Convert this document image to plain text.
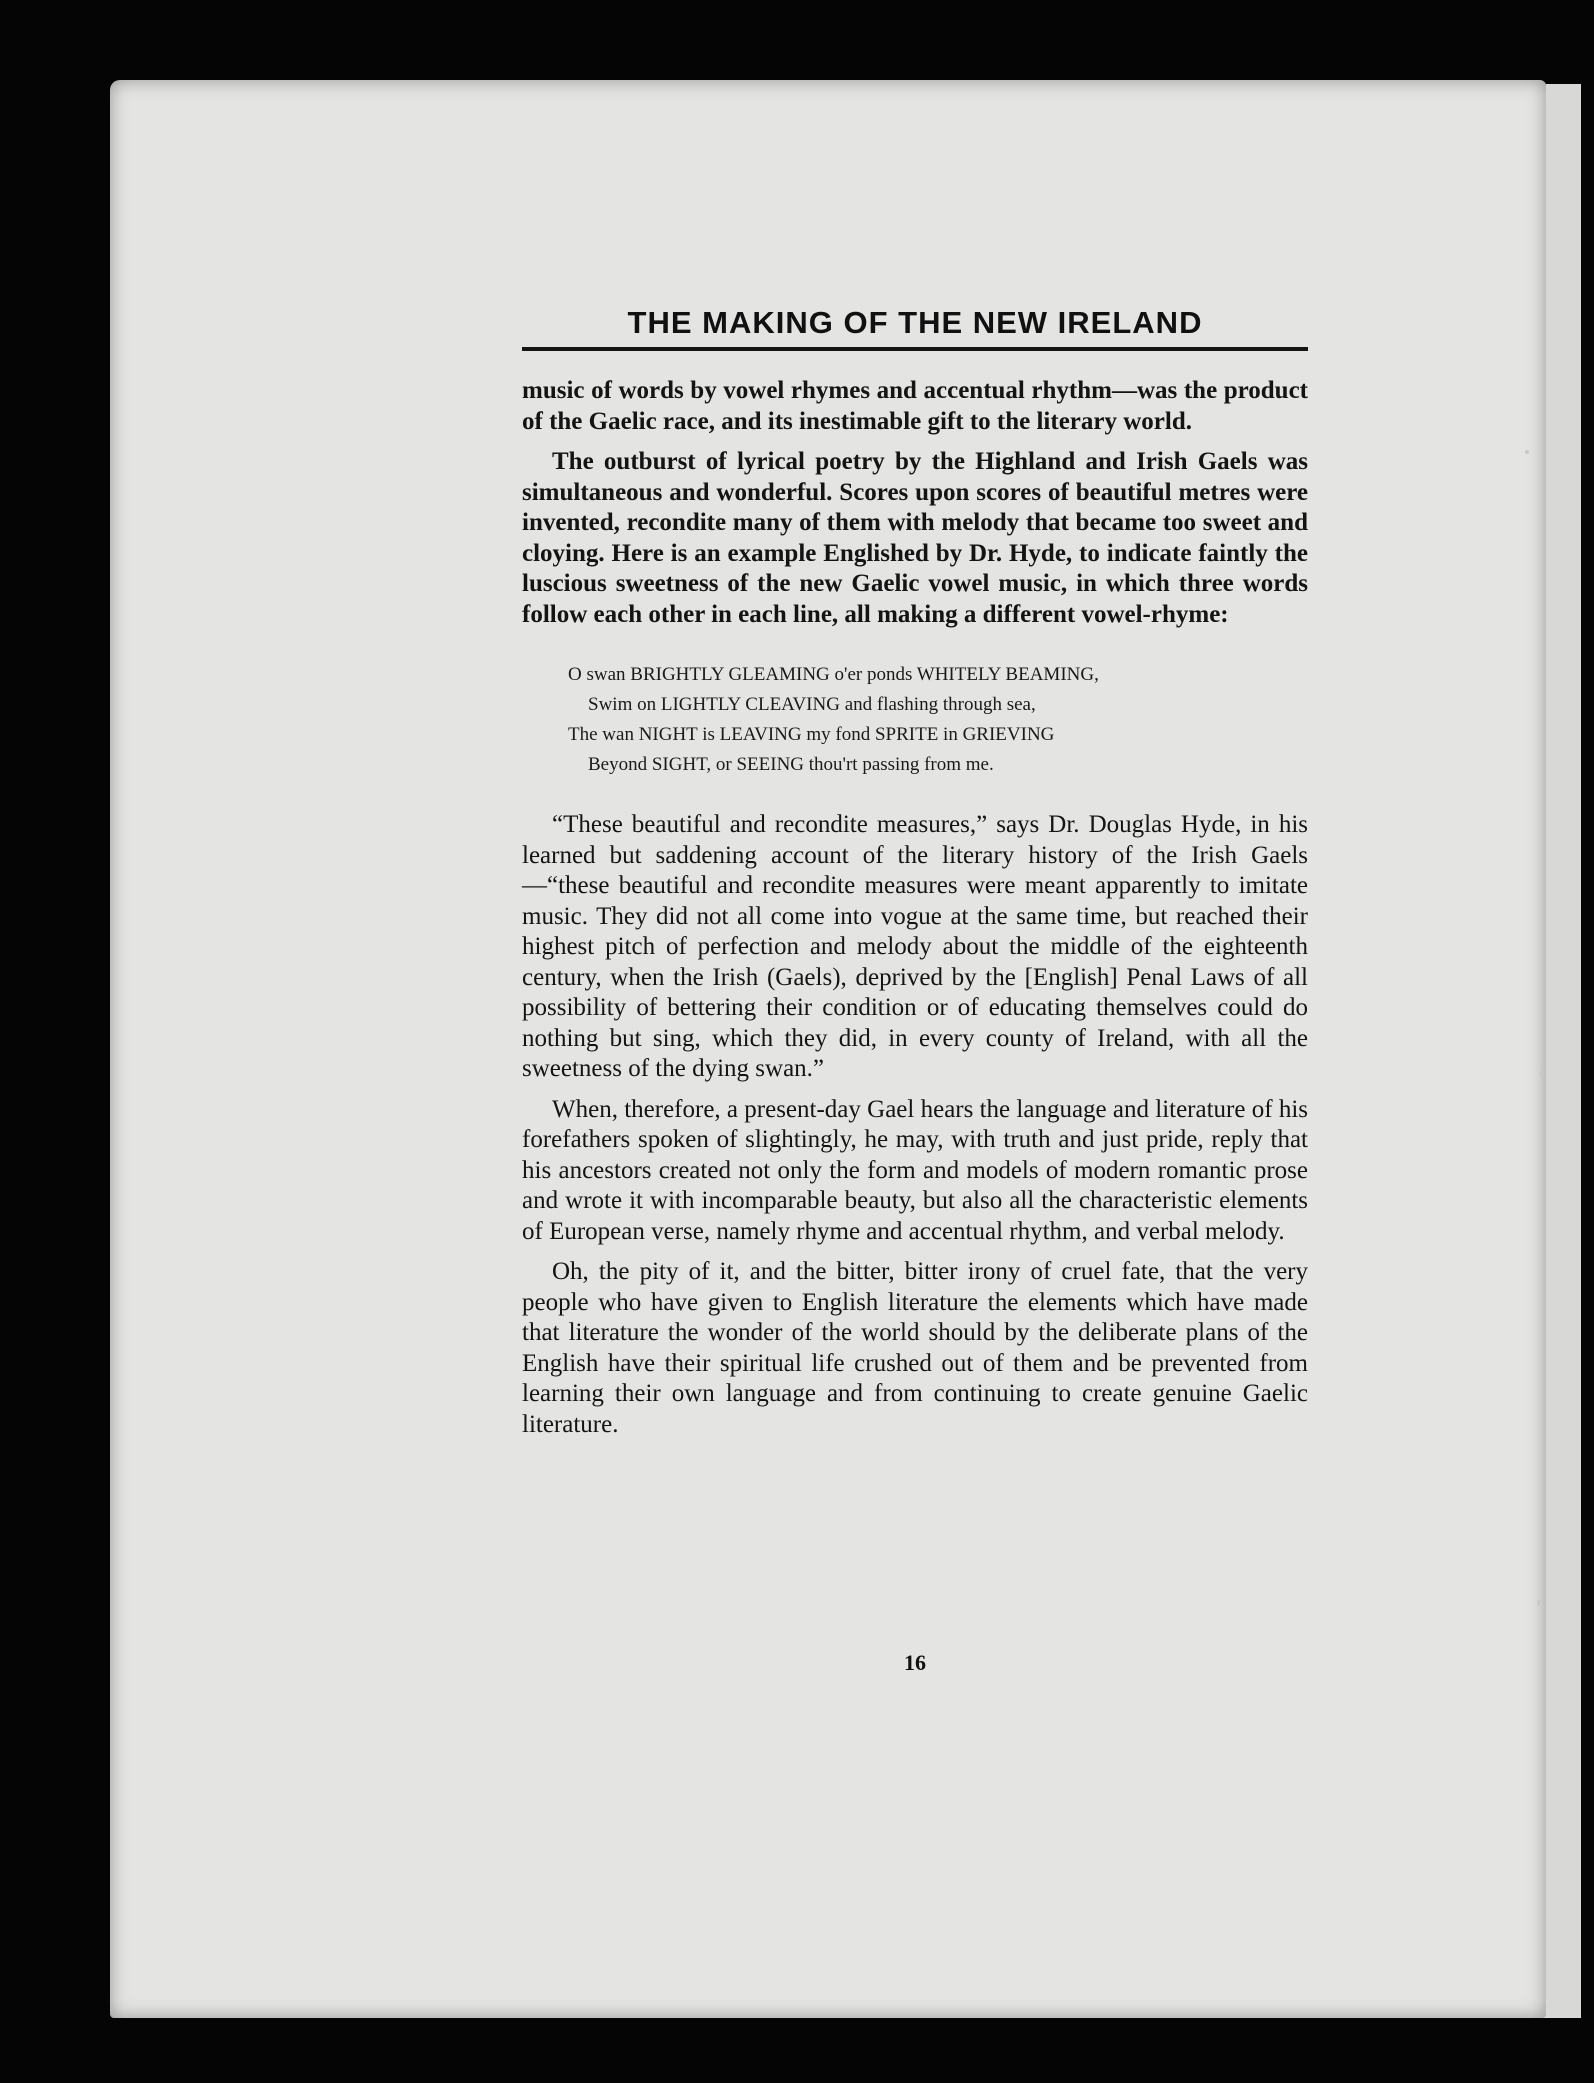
THE MAKING OF THE NEW IRELAND

music of words by vowel rhymes and accentual rhythm—was the product of the Gaelic race, and its inestimable gift to the literary world.

The outburst of lyrical poetry by the Highland and Irish Gaels was simultaneous and wonderful. Scores upon scores of beautiful metres were invented, recondite many of them with melody that became too sweet and cloying. Here is an example Englished by Dr. Hyde, to indicate faintly the luscious sweetness of the new Gaelic vowel music, in which three words follow each other in each line, all making a different vowel-rhyme:

O swan BRIGHTLY GLEAMING o'er ponds WHITELY BEAMING,
Swim on LIGHTLY CLEAVING and flashing through sea,
The wan NIGHT is LEAVING my fond SPRITE in GRIEVING
Beyond SIGHT, or SEEING thou'rt passing from me.

“These beautiful and recondite measures,” says Dr. Douglas Hyde, in his learned but saddening account of the literary history of the Irish Gaels—“these beautiful and recondite measures were meant apparently to imitate music. They did not all come into vogue at the same time, but reached their highest pitch of perfection and melody about the middle of the eighteenth century, when the Irish (Gaels), deprived by the [English] Penal Laws of all possibility of bettering their condition or of educating themselves could do nothing but sing, which they did, in every county of Ireland, with all the sweetness of the dying swan.”

When, therefore, a present-day Gael hears the language and literature of his forefathers spoken of slightingly, he may, with truth and just pride, reply that his ancestors created not only the form and models of modern romantic prose and wrote it with incomparable beauty, but also all the characteristic elements of European verse, namely rhyme and accentual rhythm, and verbal melody.

Oh, the pity of it, and the bitter, bitter irony of cruel fate, that the very people who have given to English literature the elements which have made that literature the wonder of the world should by the deliberate plans of the English have their spiritual life crushed out of them and be prevented from learning their own language and from continuing to create genuine Gaelic literature.

16
